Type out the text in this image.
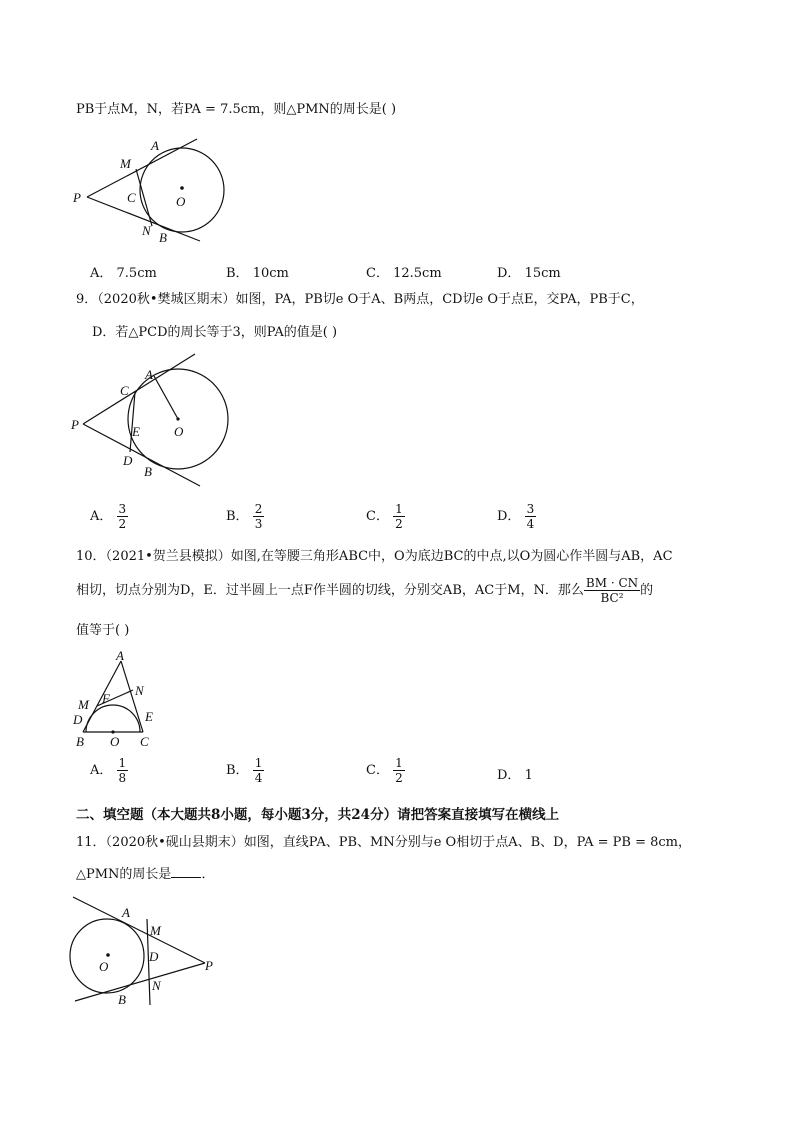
PB于点M，N，若PA = 7.5cm，则△PMN的周长是( )
M
A
P	C	O
N B
A． 7.5cm	B． 10cm	C． 12.5cm	D． 15cm
9．（2020秋•樊城区期末）如图，PA，PB切e O于A、B两点，CD切e O于点E，交PA，PB于C，
D．若△PCD的周长等于3，则PA的值是( )
C
A
P	E	O
D
B
A． $\frac{3}{2}$	B． $\frac{2}{3}$	C． $\frac{1}{2}$	D． $\frac{3}{4}$
10．（2021•贺兰县模拟）如图,在等腰三角形ABC中，O为底边BC的中点,以O为圆心作半圆与AB，AC
相切，切点分别为D，E．过半圆上一点F作半圆的切线，分别交AB，AC于M，N．那么 $\frac{BM \cdot CN}{\text{BC²}}$ 的
值等于( )
A
N
M F
D	E
B O C
A． $\frac{1}{8}$	B． $\frac{1}{4}$	C． $\frac{1}{2}$	D． 1
二、填空题（本大题共8小题，每小题3分，共24分）请把答案直接填写在横线上
11．（2020秋•砚山县期末）如图，直线PA、PB、MN分别与e O相切于点A、B、D，PA = PB = 8cm，
△PMN的周长是 ．
A
M
O
D
P
N
B
